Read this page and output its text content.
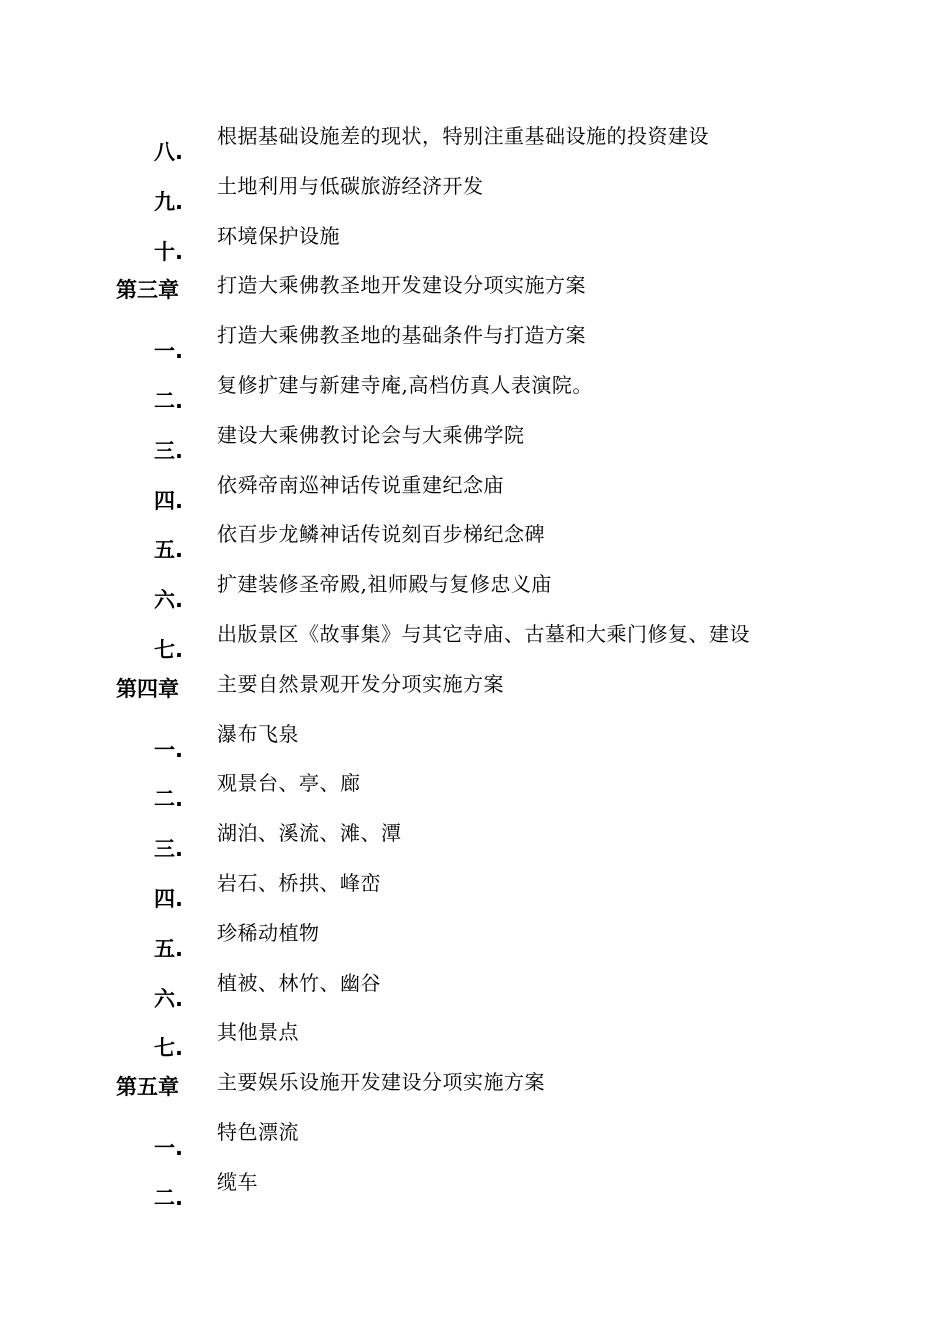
八.
根据基础设施差的现状，特别注重基础设施的投资建设
九.
土地利用与低碳旅游经济开发
十.
环境保护设施
第三章 打造大乘佛教圣地开发建设分项实施方案
一.
打造大乘佛教圣地的基础条件与打造方案
二.
复修扩建与新建寺庵,高档仿真人表演院。
三.
建设大乘佛教讨论会与大乘佛学院
四.
依舜帝南巡神话传说重建纪念庙
五.
依百步龙鳞神话传说刻百步梯纪念碑
六.
扩建装修圣帝殿,祖师殿与复修忠义庙
七.
出版景区《故事集》与其它寺庙、古墓和大乘门修复、建设
第四章 主要自然景观开发分项实施方案
一.
瀑布飞泉
二.
观景台、亭、廊
三.
湖泊、溪流、滩、潭
四.
岩石、桥拱、峰峦
五.
珍稀动植物
六.
植被、林竹、幽谷
七.
其他景点
第五章 主要娱乐设施开发建设分项实施方案
一.
特色漂流
二.
缆车
